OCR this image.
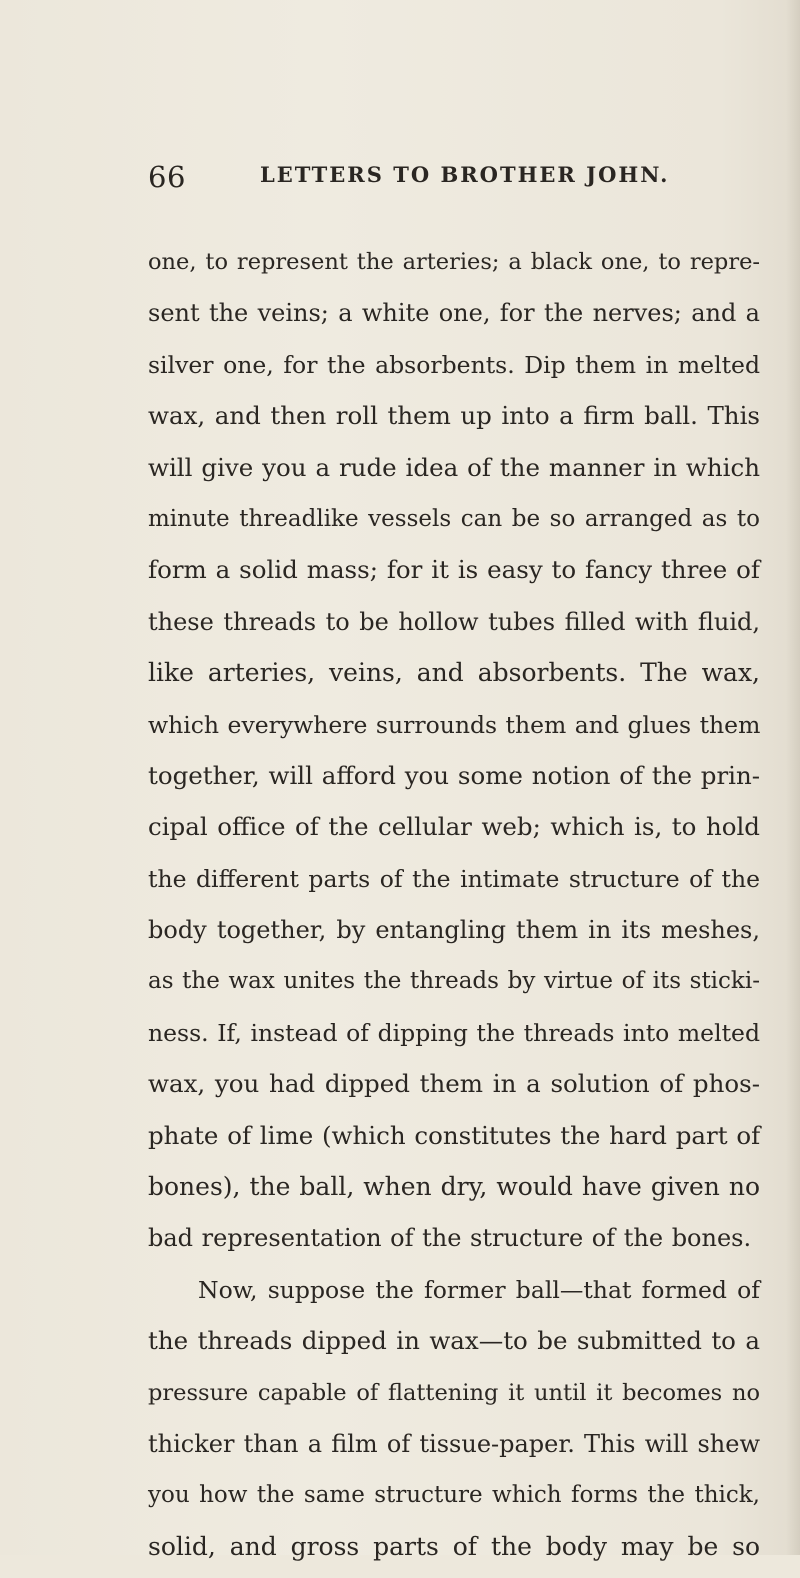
66	LETTERS TO BROTHER JOHN.
one, to represent the arteries; a black one, to repre-
sent the veins; a white one, for the nerves; and a
silver one, for the absorbents. Dip them in melted
wax, and then roll them up into a firm ball. This
will give you a rude idea of the manner in which
minute threadlike vessels can be so arranged as to
form a solid mass; for it is easy to fancy three of
these threads to be hollow tubes filled with fluid,
like arteries, veins, and absorbents. The wax,
which everywhere surrounds them and glues them
together, will afford you some notion of the prin-
cipal office of the cellular web; which is, to hold
the different parts of the intimate structure of the
body together, by entangling them in its meshes,
as the wax unites the threads by virtue of its sticki-
ness. If, instead of dipping the threads into melted
wax, you had dipped them in a solution of phos-
phate of lime (which constitutes the hard part of
bones), the ball, when dry, would have given no
bad representation of the structure of the bones.
Now, suppose the former ball—that formed of
the threads dipped in wax—to be submitted to a
pressure capable of flattening it until it becomes no
thicker than a film of tissue-paper. This will shew
you how the same structure which forms the thick,
solid, and gross parts of the body may be so
